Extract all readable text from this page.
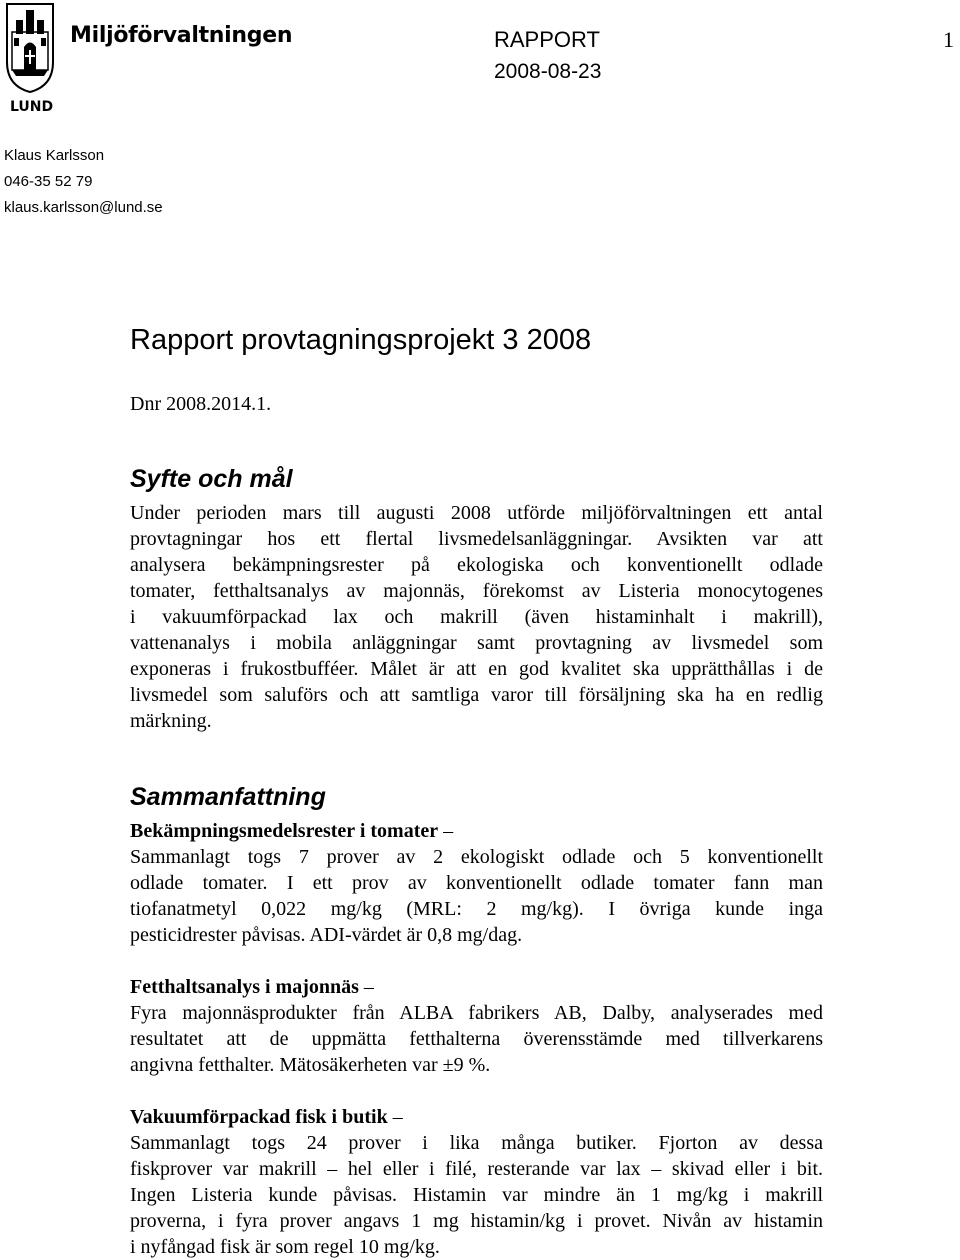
LUND
Miljöförvaltningen	RAPPORT
2008-08-23
1
Klaus Karlsson
046-35 52 79
klaus.karlsson@lund.se
Rapport provtagningsprojekt 3 2008
Dnr 2008.2014.1.
Syfte och mål
Under perioden mars till augusti 2008 utförde miljöförvaltningen ett antal
provtagningar hos ett flertal livsmedelsanläggningar. Avsikten var att
analysera bekämpningsrester på ekologiska och konventionellt odlade
tomater, fetthaltsanalys av majonnäs, förekomst av Listeria monocytogenes
i vakuumförpackad lax och makrill (även histaminhalt i makrill),
vattenanalys i mobila anläggningar samt provtagning av livsmedel som
exponeras i frukostbufféer. Målet är att en god kvalitet ska upprätthållas i de
livsmedel som saluförs och att samtliga varor till försäljning ska ha en redlig
märkning.
Sammanfattning
Bekämpningsmedelsrester i tomater –
Sammanlagt togs 7 prover av 2 ekologiskt odlade och 5 konventionellt
odlade tomater. I ett prov av konventionellt odlade tomater fann man
tiofanatmetyl 0,022 mg/kg (MRL: 2 mg/kg). I övriga kunde inga
pesticidrester påvisas. ADI-värdet är 0,8 mg/dag.
Fetthaltsanalys i majonnäs –
Fyra majonnäsprodukter från ALBA fabrikers AB, Dalby, analyserades med
resultatet att de uppmätta fetthalterna överensstämde med tillverkarens
angivna fetthalter. Mätosäkerheten var ±9 %.
Vakuumförpackad fisk i butik –
Sammanlagt togs 24 prover i lika många butiker. Fjorton av dessa
fiskprover var makrill – hel eller i filé, resterande var lax – skivad eller i bit.
Ingen Listeria kunde påvisas. Histamin var mindre än 1 mg/kg i makrill
proverna, i fyra prover angavs 1 mg histamin/kg i provet. Nivån av histamin
i nyfångad fisk är som regel 10 mg/kg.
